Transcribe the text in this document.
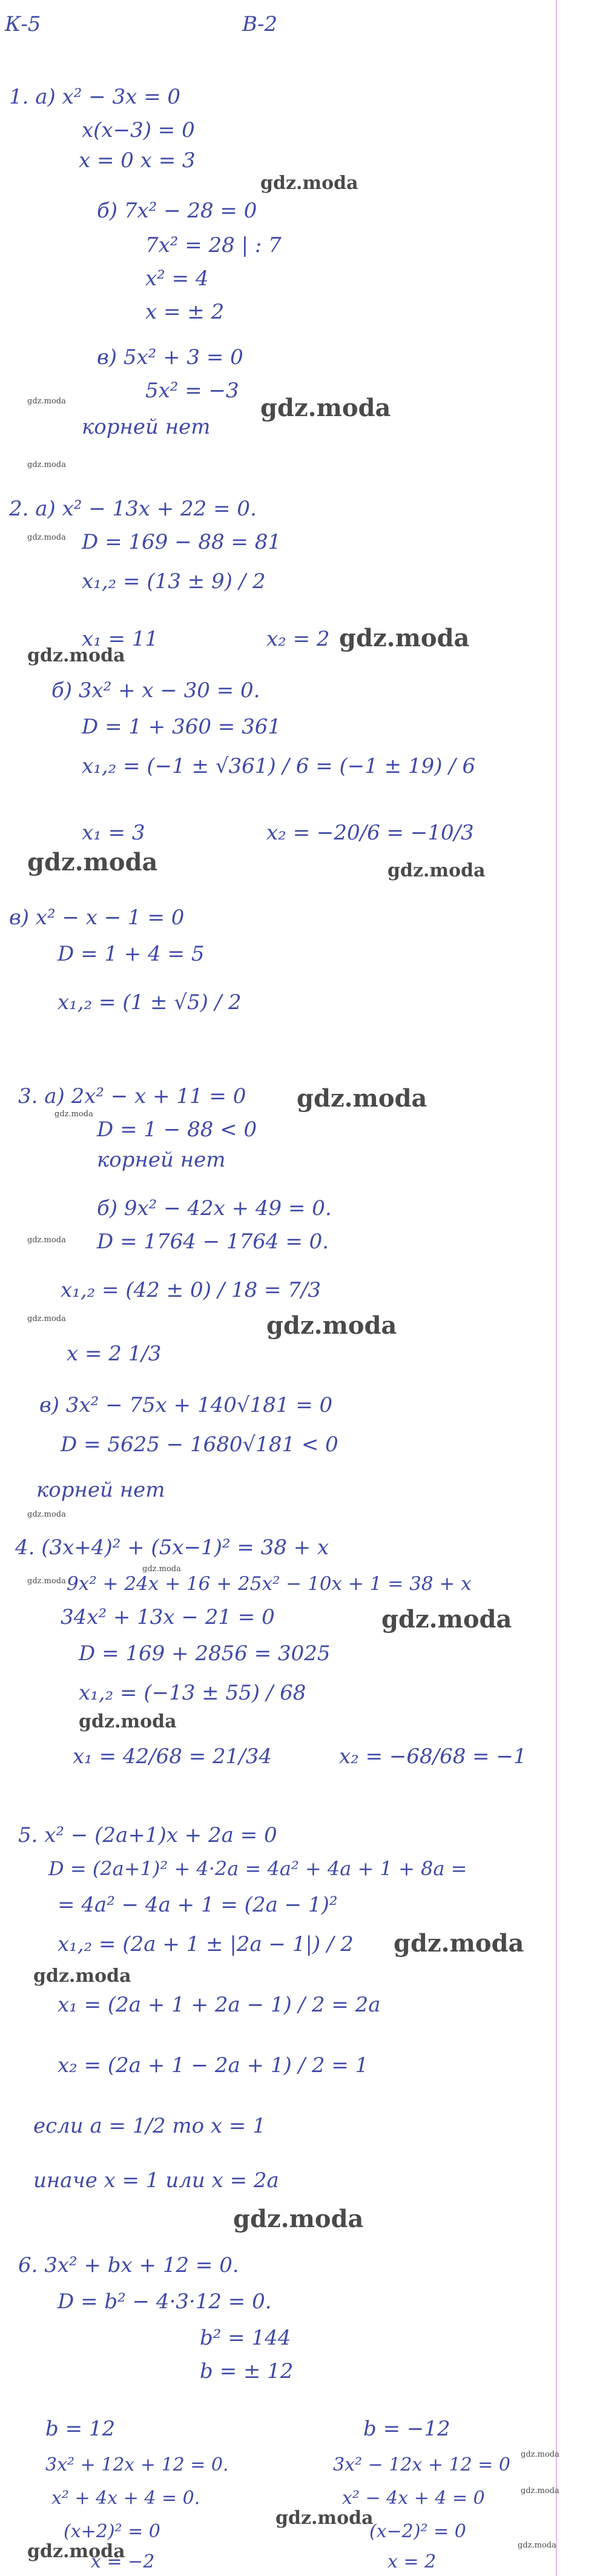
К-5	В-2
1. а) x² − 3x = 0
x(x−3) = 0
x = 0 x = 3
б) 7x² − 28 = 0
7x² = 28 | : 7
x² = 4
x = ± 2
в) 5x² + 3 = 0
5x² = −3
корней нет
2. а) x² − 13x + 22 = 0.
D = 169 − 88 = 81
x₁,₂ = (13 ± 9) / 2
x₁ = 11	x₂ = 2
б) 3x² + x − 30 = 0.
D = 1 + 360 = 361
x₁,₂ = (−1 ± √361) / 6 = (−1 ± 19) / 6
x₁ = 3	x₂ = −20/6 = −10/3
в) x² − x − 1 = 0
D = 1 + 4 = 5
x₁,₂ = (1 ± √5) / 2
3. а) 2x² − x + 11 = 0
D = 1 − 88 < 0
корней нет
б) 9x² − 42x + 49 = 0.
D = 1764 − 1764 = 0.
x₁,₂ = (42 ± 0) / 18 = 7/3
x = 2 1/3
в) 3x² − 75x + 140√181 = 0
D = 5625 − 1680√181 < 0
корней нет
4. (3x+4)² + (5x−1)² = 38 + x
9x² + 24x + 16 + 25x² − 10x + 1 = 38 + x
34x² + 13x − 21 = 0
D = 169 + 2856 = 3025
x₁,₂ = (−13 ± 55) / 68
x₁ = 42/68 = 21/34	x₂ = −68/68 = −1
5. x² − (2a+1)x + 2a = 0
D = (2a+1)² + 4·2a = 4a² + 4a + 1 + 8a =
= 4a² − 4a + 1 = (2a − 1)²
x₁,₂ = (2a + 1 ± |2a − 1|) / 2
x₁ = (2a + 1 + 2a − 1) / 2 = 2a
x₂ = (2a + 1 − 2a + 1) / 2 = 1
если a = 1/2 то x = 1
иначе x = 1 или x = 2a
6. 3x² + bx + 12 = 0.
D = b² − 4·3·12 = 0.
b² = 144
b = ± 12
b = 12	b = −12
3x² + 12x + 12 = 0.	3x² − 12x + 12 = 0
x² + 4x + 4 = 0.	x² − 4x + 4 = 0
(x+2)² = 0	(x−2)² = 0
x = −2	x = 2
gdz.moda
gdz.moda
gdz.moda
gdz.moda
gdz.moda
gdz.moda
gdz.moda
gdz.moda	gdz.moda
gdz.moda
gdz.moda
gdz.moda
gdz.moda	gdz.moda
gdz.moda
gdz.moda
gdz.moda
gdz.moda
gdz.moda
gdz.moda
gdz.moda
gdz.moda
gdz.moda
gdz.moda
gdz.moda
gdz.moda	gdz.moda
